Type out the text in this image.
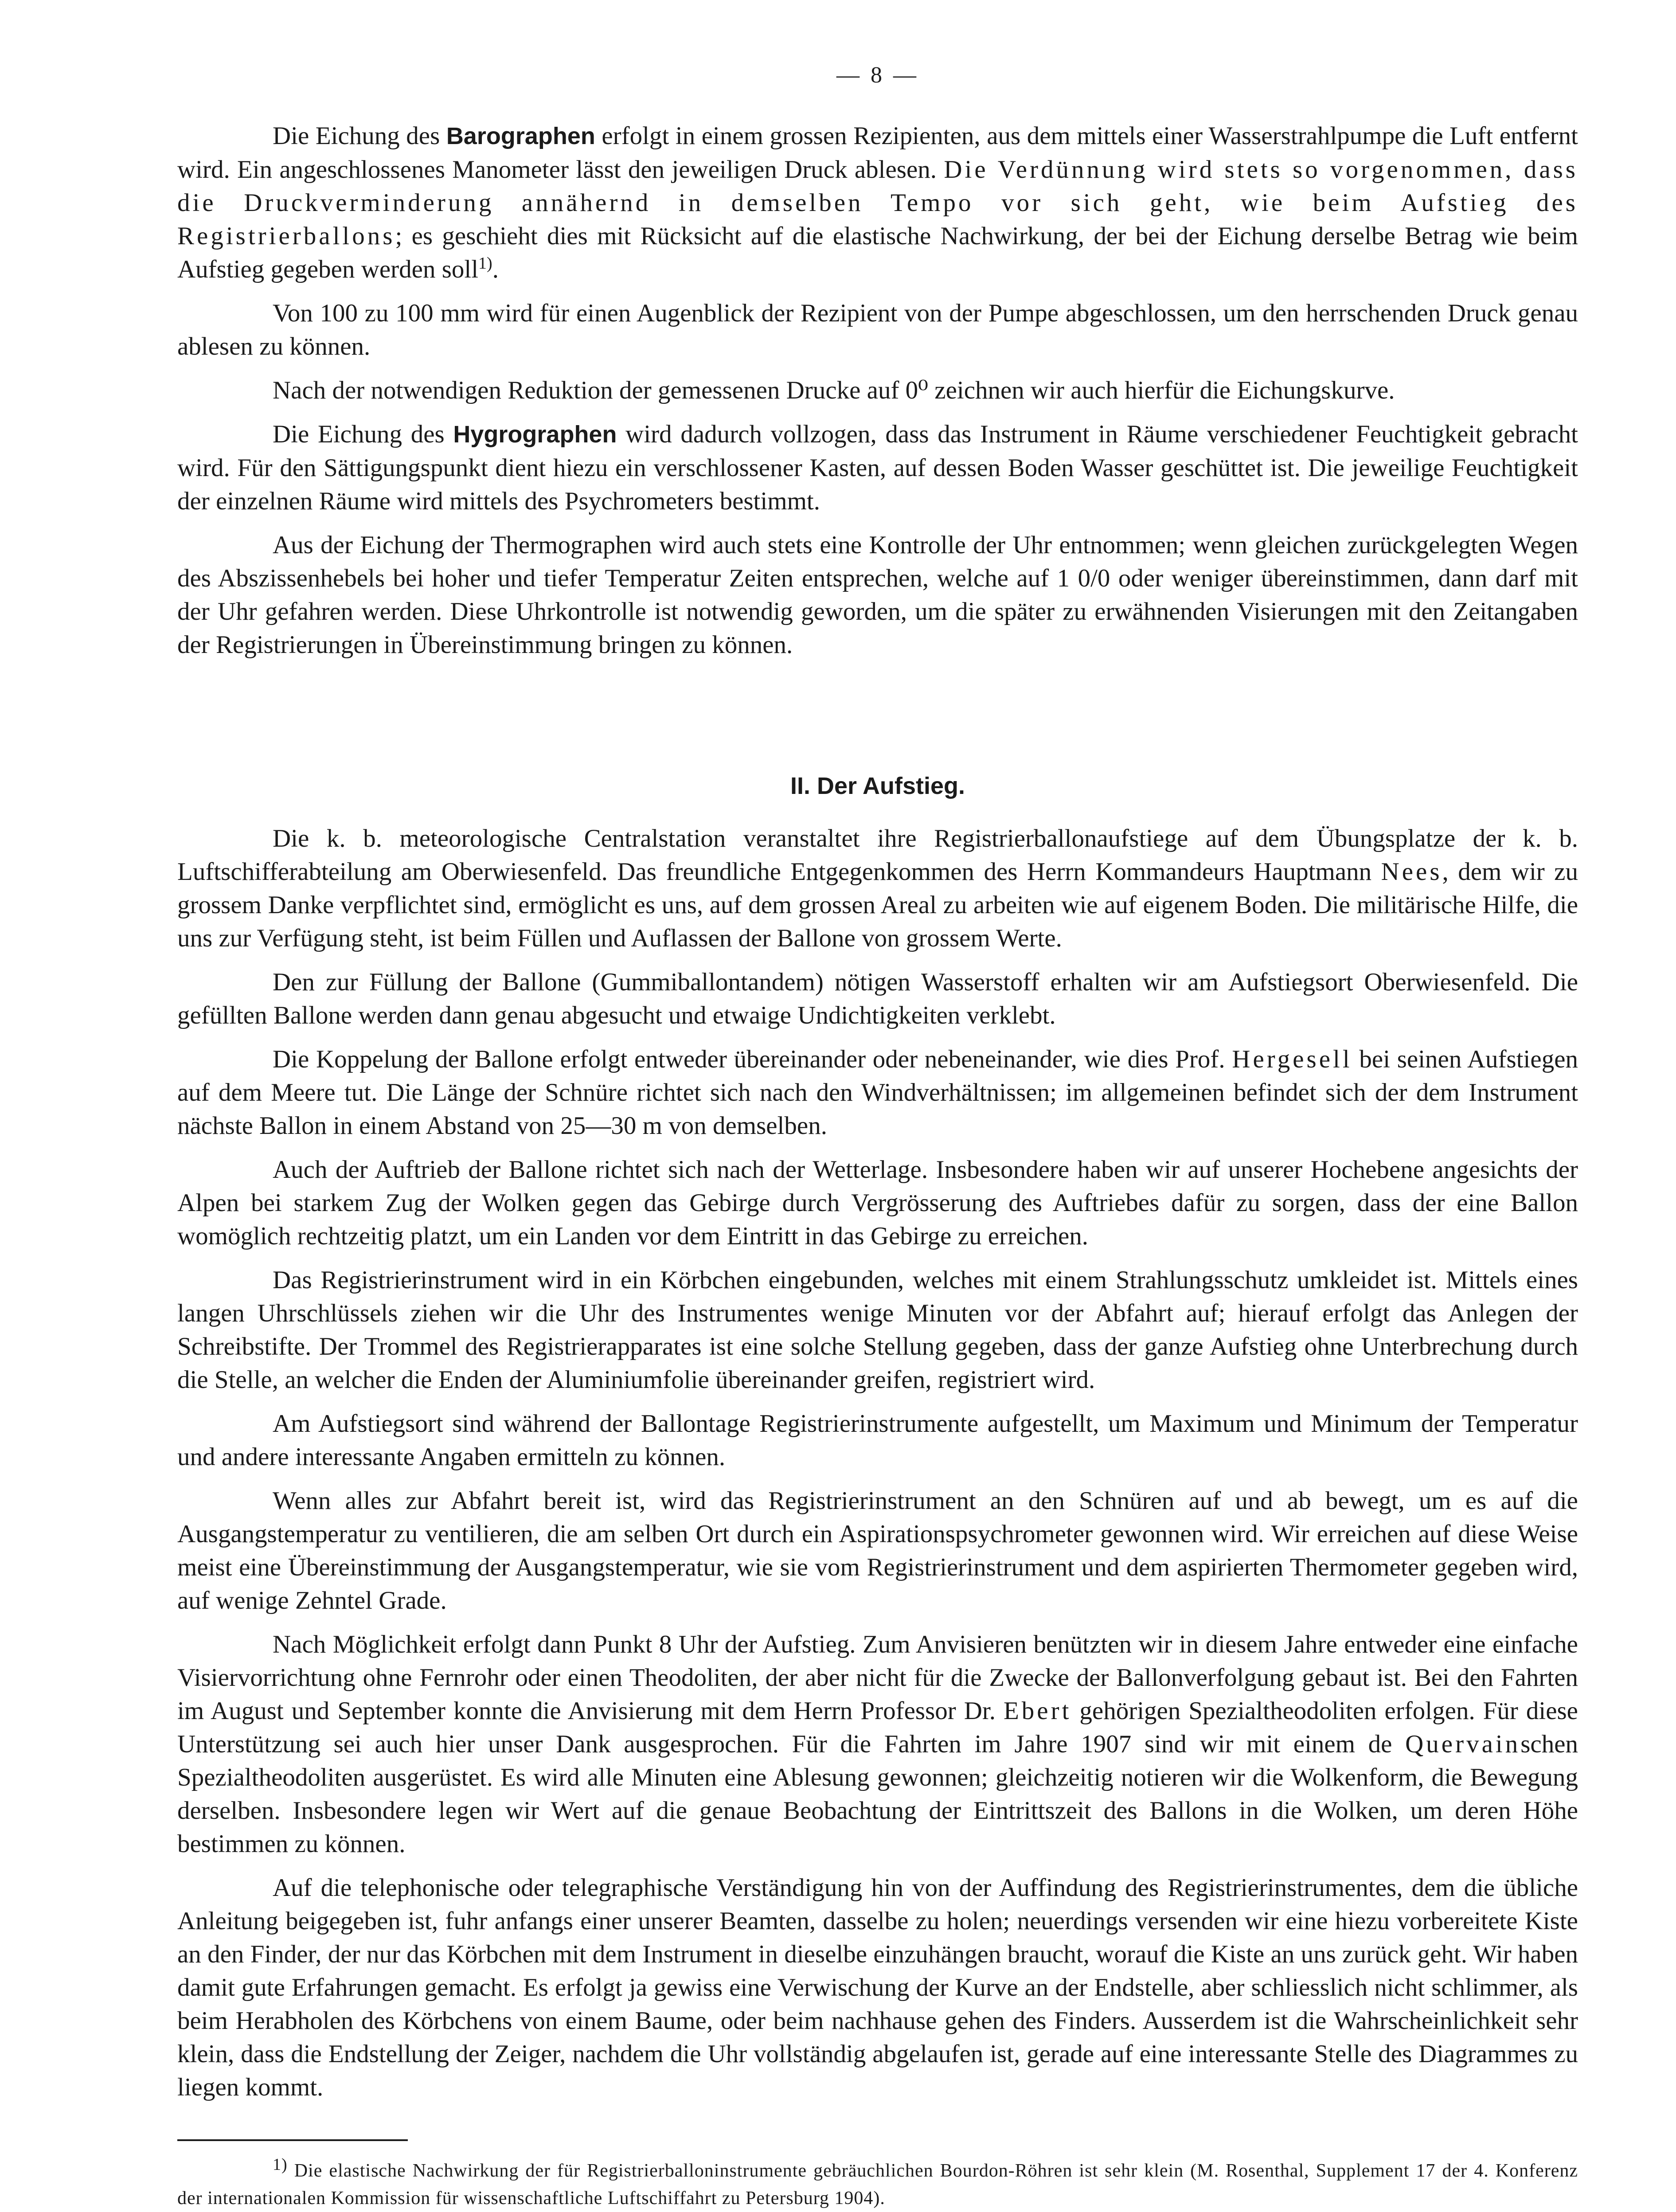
— 8 —

Die Eichung des Barographen erfolgt in einem grossen Rezipienten, aus dem mittels einer Wasserstrahlpumpe die Luft entfernt wird. Ein angeschlossenes Manometer lässt den jeweiligen Druck ablesen. Die Verdünnung wird stets so vorgenommen, dass die Druckverminderung annähernd in demselben Tempo vor sich geht, wie beim Aufstieg des Registrierballons; es geschieht dies mit Rücksicht auf die elastische Nachwirkung, der bei der Eichung derselbe Betrag wie beim Aufstieg gegeben werden soll$^{1)}$.

Von 100 zu 100 mm wird für einen Augenblick der Rezipient von der Pumpe abgeschlossen, um den herrschenden Druck genau ablesen zu können.

Nach der notwendigen Reduktion der gemessenen Drucke auf 0⁰ zeichnen wir auch hierfür die Eichungskurve.

Die Eichung des Hygrographen wird dadurch vollzogen, dass das Instrument in Räume verschiedener Feuchtigkeit gebracht wird. Für den Sättigungspunkt dient hiezu ein verschlossener Kasten, auf dessen Boden Wasser geschüttet ist. Die jeweilige Feuchtigkeit der einzelnen Räume wird mittels des Psychrometers bestimmt.

Aus der Eichung der Thermographen wird auch stets eine Kontrolle der Uhr entnommen; wenn gleichen zurückgelegten Wegen des Abszissenhebels bei hoher und tiefer Temperatur Zeiten entsprechen, welche auf 1 0/0 oder weniger übereinstimmen, dann darf mit der Uhr gefahren werden. Diese Uhrkontrolle ist notwendig geworden, um die später zu erwähnenden Visierungen mit den Zeitangaben der Registrierungen in Übereinstimmung bringen zu können.

II. Der Aufstieg.

Die k. b. meteorologische Centralstation veranstaltet ihre Registrierballonaufstiege auf dem Übungsplatze der k. b. Luftschifferabteilung am Oberwiesenfeld. Das freundliche Entgegenkommen des Herrn Kommandeurs Hauptmann Nees, dem wir zu grossem Danke verpflichtet sind, ermöglicht es uns, auf dem grossen Areal zu arbeiten wie auf eigenem Boden. Die militärische Hilfe, die uns zur Verfügung steht, ist beim Füllen und Auflassen der Ballone von grossem Werte.

Den zur Füllung der Ballone (Gummiballontandem) nötigen Wasserstoff erhalten wir am Aufstiegsort Oberwiesenfeld. Die gefüllten Ballone werden dann genau abgesucht und etwaige Undichtigkeiten verklebt.

Die Koppelung der Ballone erfolgt entweder übereinander oder nebeneinander, wie dies Prof. Hergesell bei seinen Aufstiegen auf dem Meere tut. Die Länge der Schnüre richtet sich nach den Windverhältnissen; im allgemeinen befindet sich der dem Instrument nächste Ballon in einem Abstand von 25—30 m von demselben.

Auch der Auftrieb der Ballone richtet sich nach der Wetterlage. Insbesondere haben wir auf unserer Hochebene angesichts der Alpen bei starkem Zug der Wolken gegen das Gebirge durch Vergrösserung des Auftriebes dafür zu sorgen, dass der eine Ballon womöglich rechtzeitig platzt, um ein Landen vor dem Eintritt in das Gebirge zu erreichen.

Das Registrierinstrument wird in ein Körbchen eingebunden, welches mit einem Strahlungsschutz umkleidet ist. Mittels eines langen Uhrschlüssels ziehen wir die Uhr des Instrumentes wenige Minuten vor der Abfahrt auf; hierauf erfolgt das Anlegen der Schreibstifte. Der Trommel des Registrierapparates ist eine solche Stellung gegeben, dass der ganze Aufstieg ohne Unterbrechung durch die Stelle, an welcher die Enden der Aluminiumfolie übereinander greifen, registriert wird.

Am Aufstiegsort sind während der Ballontage Registrierinstrumente aufgestellt, um Maximum und Minimum der Temperatur und andere interessante Angaben ermitteln zu können.

Wenn alles zur Abfahrt bereit ist, wird das Registrierinstrument an den Schnüren auf und ab bewegt, um es auf die Ausgangstemperatur zu ventilieren, die am selben Ort durch ein Aspirationspsychrometer gewonnen wird. Wir erreichen auf diese Weise meist eine Übereinstimmung der Ausgangstemperatur, wie sie vom Registrierinstrument und dem aspirierten Thermometer gegeben wird, auf wenige Zehntel Grade.

Nach Möglichkeit erfolgt dann Punkt 8 Uhr der Aufstieg. Zum Anvisieren benützten wir in diesem Jahre entweder eine einfache Visiervorrichtung ohne Fernrohr oder einen Theodoliten, der aber nicht für die Zwecke der Ballonverfolgung gebaut ist. Bei den Fahrten im August und September konnte die Anvisierung mit dem Herrn Professor Dr. Ebert gehörigen Spezialtheodoliten erfolgen. Für diese Unterstützung sei auch hier unser Dank ausgesprochen. Für die Fahrten im Jahre 1907 sind wir mit einem de Quervainschen Spezialtheodoliten ausgerüstet. Es wird alle Minuten eine Ablesung gewonnen; gleichzeitig notieren wir die Wolkenform, die Bewegung derselben. Insbesondere legen wir Wert auf die genaue Beobachtung der Eintrittszeit des Ballons in die Wolken, um deren Höhe bestimmen zu können.

Auf die telephonische oder telegraphische Verständigung hin von der Auffindung des Registrierinstrumentes, dem die übliche Anleitung beigegeben ist, fuhr anfangs einer unserer Beamten, dasselbe zu holen; neuerdings versenden wir eine hiezu vorbereitete Kiste an den Finder, der nur das Körbchen mit dem Instrument in dieselbe einzuhängen braucht, worauf die Kiste an uns zurück geht. Wir haben damit gute Erfahrungen gemacht. Es erfolgt ja gewiss eine Verwischung der Kurve an der Endstelle, aber schliesslich nicht schlimmer, als beim Herabholen des Körbchens von einem Baume, oder beim nachhause gehen des Finders. Ausserdem ist die Wahrscheinlichkeit sehr klein, dass die Endstellung der Zeiger, nachdem die Uhr vollständig abgelaufen ist, gerade auf eine interessante Stelle des Diagrammes zu liegen kommt.

$^{1)}$ Die elastische Nachwirkung der für Registrierballoninstrumente gebräuchlichen Bourdon-Röhren ist sehr klein (M. Rosenthal, Supplement 17 der 4. Konferenz der internationalen Kommission für wissenschaftliche Luftschiffahrt zu Petersburg 1904).
